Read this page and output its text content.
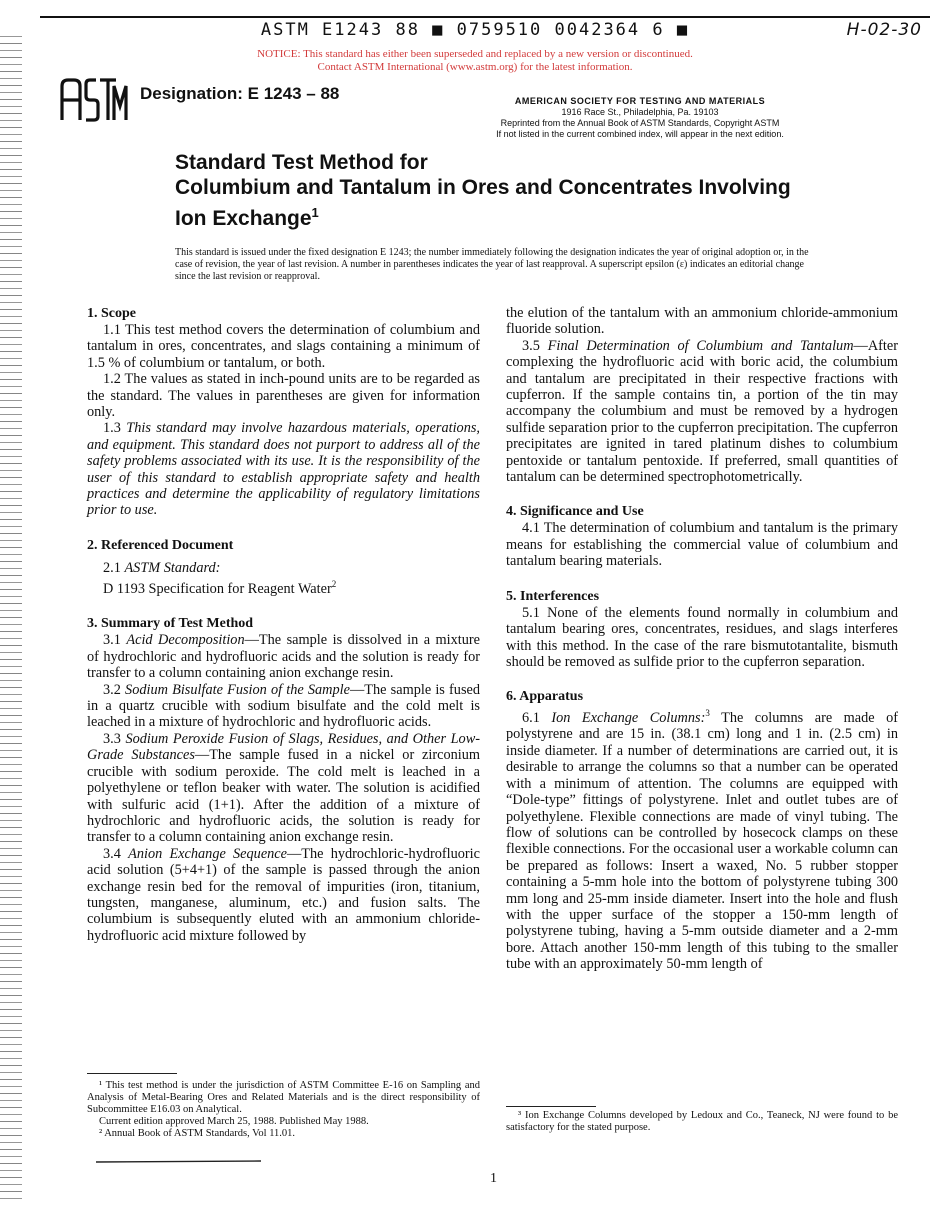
ASTM E1243 88 ■ 0759510 0042364 6 ■	H-02-30
NOTICE: This standard has either been superseded and replaced by a new version or discontinued.
Contact ASTM International (www.astm.org) for the latest information.
Designation: E 1243 – 88	AMERICAN SOCIETY FOR TESTING AND MATERIALS
1916 Race St., Philadelphia, Pa. 19103
Reprinted from the Annual Book of ASTM Standards, Copyright ASTM
If not listed in the current combined index, will appear in the next edition.
Standard Test Method for
Columbium and Tantalum in Ores and Concentrates Involving
Ion Exchange$^1$
This standard is issued under the fixed designation E 1243; the number immediately following the designation indicates the year of original adoption or, in the case of revision, the year of last revision. A number in parentheses indicates the year of last reapproval. A superscript epsilon (ε) indicates an editorial change since the last revision or reapproval.
1. Scope

1.1 This test method covers the determination of columbium and tantalum in ores, concentrates, and slags containing a minimum of 1.5 % of columbium or tantalum, or both.

1.2 The values as stated in inch-pound units are to be regarded as the standard. The values in parentheses are given for information only.

1.3 This standard may involve hazardous materials, operations, and equipment. This standard does not purport to address all of the safety problems associated with its use. It is the responsibility of the user of this standard to establish appropriate safety and health practices and determine the applicability of regulatory limitations prior to use.

2. Referenced Document

2.1 ASTM Standard:

D 1193 Specification for Reagent Water$^2$

3. Summary of Test Method

3.1 Acid Decomposition—The sample is dissolved in a mixture of hydrochloric and hydrofluoric acids and the solution is ready for transfer to a column containing anion exchange resin.

3.2 Sodium Bisulfate Fusion of the Sample—The sample is fused in a quartz crucible with sodium bisulfate and the cold melt is leached in a mixture of hydrochloric and hydrofluoric acids.

3.3 Sodium Peroxide Fusion of Slags, Residues, and Other Low-Grade Substances—The sample fused in a nickel or zirconium crucible with sodium peroxide. The cold melt is leached in a polyethylene or teflon beaker with water. The solution is acidified with sulfuric acid (1+1). After the addition of a mixture of hydrochloric and hydrofluoric acids, the solution is ready for transfer to a column containing anion exchange resin.

3.4 Anion Exchange Sequence—The hydrochloric-hydrofluoric acid solution (5+4+1) of the sample is passed through the anion exchange resin bed for the removal of impurities (iron, titanium, tungsten, manganese, aluminum, etc.) and fusion salts. The columbium is subsequently eluted with an ammonium chloride-hydrofluoric acid mixture followed by

¹ This test method is under the jurisdiction of ASTM Committee E-16 on Sampling and Analysis of Metal-Bearing Ores and Related Materials and is the direct responsibility of Subcommittee E16.03 on Analytical.

Current edition approved March 25, 1988. Published May 1988.

² Annual Book of ASTM Standards, Vol 11.01.

the elution of the tantalum with an ammonium chloride-ammonium fluoride solution.

3.5 Final Determination of Columbium and Tantalum—After complexing the hydrofluoric acid with boric acid, the columbium and tantalum are precipitated in their respective fractions with cupferron. If the sample contains tin, a portion of the tin may accompany the columbium and must be removed by a hydrogen sulfide separation prior to the cupferron precipitation. The cupferron precipitates are ignited in tared platinum dishes to columbium pentoxide or tantalum pentoxide. If preferred, small quantities of tantalum can be determined spectrophotometrically.

4. Significance and Use

4.1 The determination of columbium and tantalum is the primary means for establishing the commercial value of columbium and tantalum bearing materials.

5. Interferences

5.1 None of the elements found normally in columbium and tantalum bearing ores, concentrates, residues, and slags interferes with this method. In the case of the rare bismutotantalite, bismuth should be removed as sulfide prior to the cupferron separation.

6. Apparatus

6.1 Ion Exchange Columns:$^3$ The columns are made of polystyrene and are 15 in. (38.1 cm) long and 1 in. (2.5 cm) in inside diameter. If a number of determinations are carried out, it is desirable to arrange the columns so that a number can be operated with a minimum of attention. The columns are equipped with “Dole-type” fittings of polystyrene. Inlet and outlet tubes are of polyethylene. Flexible connections are made of vinyl tubing. The flow of solutions can be controlled by hosecock clamps on these flexible connections. For the occasional user a workable column can be prepared as follows: Insert a waxed, No. 5 rubber stopper containing a 5-mm hole into the bottom of polystyrene tubing 300 mm long and 25-mm inside diameter. Insert into the hole and flush with the upper surface of the stopper a 150-mm length of polystyrene tubing, having a 5-mm outside diameter and a 2-mm bore. Attach another 150-mm length of this tubing to the smaller tube with an approximately 50-mm length of

³ Ion Exchange Columns developed by Ledoux and Co., Teaneck, NJ were found to be satisfactory for the stated purpose.

1
